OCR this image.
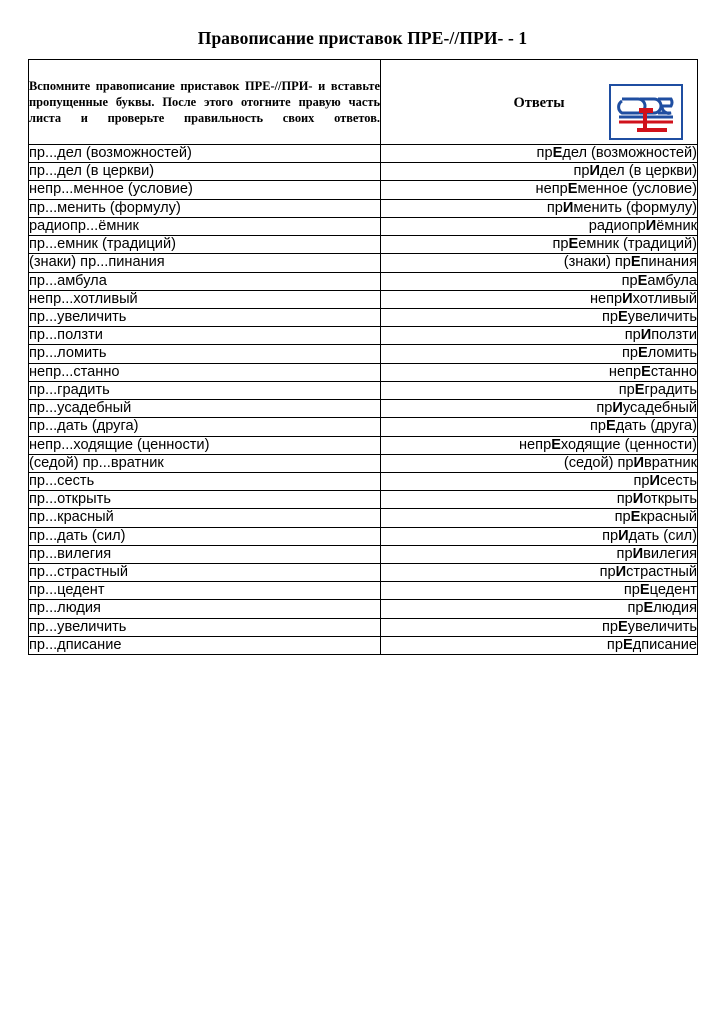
Правописание приставок ПРЕ-//ПРИ- - 1
Вспомните правописание приставок ПРЕ-//ПРИ- и вставьте пропущенные буквы. После этого отогните правую часть листа и проверьте правильность своих ответов.	Ответы

пр...дел (возможностей)	прЕдел (возможностей)
пр...дел (в церкви)	прИдел (в церкви)
непр...менное (условие)	непрЕменное (условие)
пр...менить (формулу)	прИменить (формулу)
радиопр...ёмник	радиопрИёмник
пр...емник (традиций)	прЕемник (традиций)
(знаки) пр...пинания	(знаки) прЕпинания
пр...амбула	прЕамбула
непр...хотливый	непрИхотливый
пр...увеличить	прЕувеличить
пр...ползти	прИползти
пр...ломить	прЕломить
непр...станно	непрЕстанно
пр...градить	прЕградить
пр...усадебный	прИусадебный
пр...дать (друга)	прЕдать (друга)
непр...ходящие (ценности)	непрЕходящие (ценности)
(седой) пр...вратник	(седой) прИвратник
пр...сесть	прИсесть
пр...открыть	прИоткрыть
пр...красный	прЕкрасный
пр...дать (сил)	прИдать (сил)
пр...вилегия	прИвилегия
пр...страстный	прИстрастный
пр...цедент	прЕцедент
пр...людия	прЕлюдия
пр...увеличить	прЕувеличить
пр...дписание	прЕдписание
